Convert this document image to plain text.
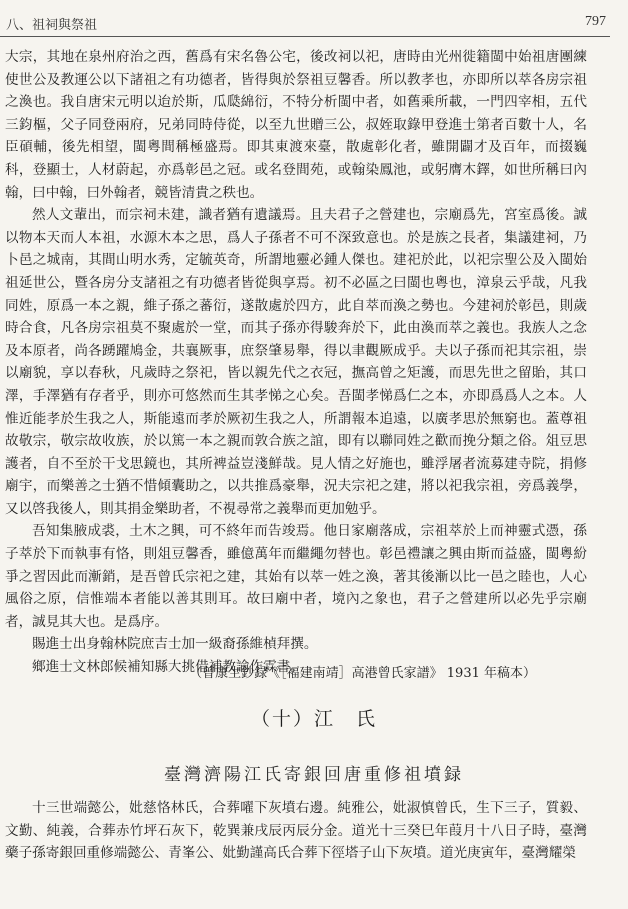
八、祖祠與祭祖	797

大宗，其地在泉州府治之西，舊爲有宋名魯公宅，後改祠以祀，唐時由光州徙籍閩中始祖唐團練使世公及教運公以下諸祖之有功德者，皆得與於祭祖豆馨香。所以教孝也，亦即所以萃各房宗祖之渙也。我自唐宋元明以迨於斯，瓜瓞綿衍，不特分析閩中者，如舊乘所載，一門四宰相，五代三鈞樞，父子同登兩府，兄弟同時侍從，以至九世贈三公，叔姪取錄甲登進士第者百數十人，名臣碩輔，後先相望，閩粵間稱極盛焉。即其東渡來臺，散處彰化者，雖開闢才及百年，而掇巍科，登顯士，人材蔚起，亦爲彰邑之冠。或名登間苑，或翰染鳳池，或躬膺木鐸，如世所稱曰內翰，曰中翰，曰外翰者，競皆清貴之秩也。

然人文輩出，而宗祠未建，識者猶有遺議焉。且夫君子之營建也，宗廟爲先，宮室爲後。誠以物本天而人本祖，水源木本之思，爲人子孫者不可不深致意也。於是族之長者，集議建祠，乃卜邑之城南，其間山明水秀，定毓英奇，所謂地靈必鍾人傑也。建祀於此，以祀宗聖公及入閩始祖延世公，暨各房分支諸祖之有功德者皆從與享焉。初不必區之曰閩也粵也，漳泉云乎哉，凡我同姓，原爲一本之親，維子孫之蕃衍，遂散處於四方，此自萃而渙之勢也。今建祠於彰邑，則歲時合食，凡各房宗祖莫不聚處於一堂，而其子孫亦得駿奔於下，此由渙而萃之義也。我族人之念及本原者，尚各踴躍鳩金，共襄厥事，庶祭肇易舉，得以聿觀厥成乎。夫以子孫而祀其宗祖，崇以廟貌，享以春秋，凡歲時之祭祀，皆以親先代之衣冠，撫高曾之矩護，而思先世之留貽，其口澤，手澤猶有存者乎，則亦可悠然而生其孝悌之心矣。吾閩孝悌爲仁之本，亦即爲爲人之本。人惟近能孝於生我之人，斯能遠而孝於厥初生我之人，所謂報本追遠，以廣孝思於無窮也。蓋尊祖故敬宗，敬宗故收族，於以篤一本之親而敦合族之誼，即有以聯同姓之歡而挽分類之俗。俎豆思護者，自不至於干戈思鏡也，其所裨益豈淺鮮哉。見人情之好施也，雖浮屠者流募建寺院，捐修廟宇，而樂善之士猶不惜傾囊助之，以共推爲豪舉，況夫宗祀之建，將以祀我宗祖，旁爲義學，又以啓我後人，則其捐金樂助者，不視尋常之義舉而更加勉乎。

吾知集腋成裘，土木之興，可不終年而告竣焉。他日家廟落成，宗祖萃於上而神靈式憑，孫子萃於下而執事有恪，則俎豆馨香，雖億萬年而繼繩勿替也。彰邑禮讓之興由斯而益盛，閩粵紛爭之習因此而漸銷，是吾曾氏宗祀之建，其始有以萃一姓之渙，著其後漸以比一邑之睦也，人心風俗之原，信惟端本者能以善其則耳。故曰廟中者，境內之象也，君子之營建所以必先乎宗廟者，誠見其大也。是爲序。

賜進士出身翰林院庶吉士加一級裔孫維楨拜撰。

鄉進士文林郎候補知縣大挑借補教諭作霖書。

（曾康生鈔録《［福建南靖］高港曾氏家譜》 1931 年稿本）
（十）江　氏
臺灣濟陽江氏寄銀回唐重修祖墳録

十三世端懿公，妣慈恪林氏，合葬嚁下灰墳右邊。純雅公，妣淑慎曾氏，生下三子，質毅、文勤、純義，合葬赤竹坪石灰下，乾巽兼戌辰丙辰分金。道光十三癸巳年葭月十八日子時，臺灣藥子孫寄銀回重修端懿公、青峯公、妣勤謹高氏合葬下徑塔子山下灰墳。道光庚寅年，臺灣耀榮
